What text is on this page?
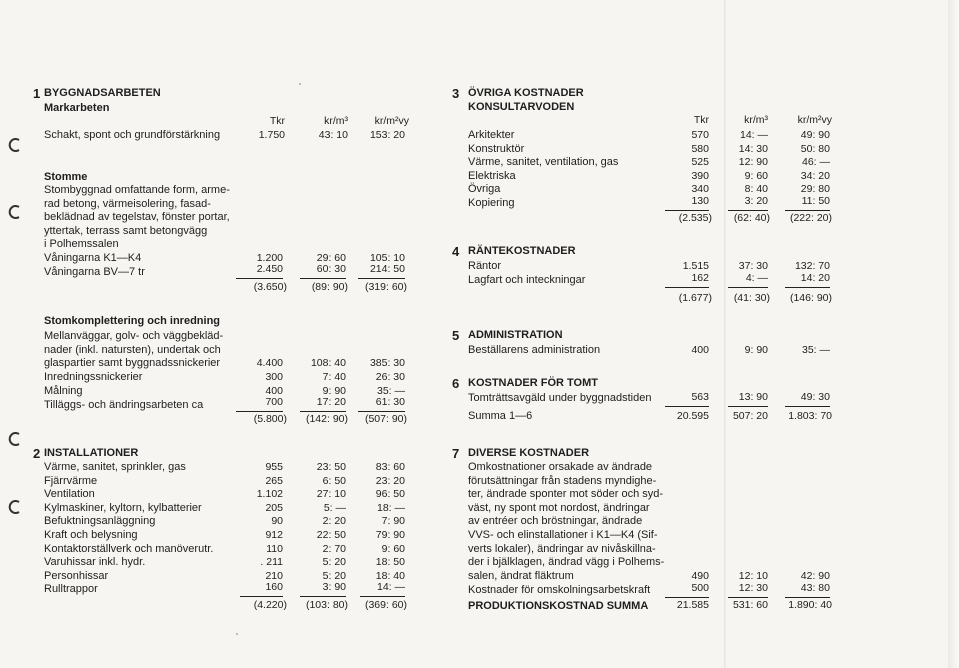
1 BYGGNADSARBETEN
Markarbeten
Tkr	kr/m³	kr/m²vy
Schakt, spont och grundförstärkning	1.750	43: 10	153: 20
Stomme
Stombyggnad omfattande form, arme-
rad betong, värmeisolering, fasad-
beklädnad av tegelstav, fönster portar,
yttertak, terrass samt betongvägg
i Polhemssalen
Våningarna K1—K4	1.200	29: 60	105: 10
Våningarna BV—7 tr	2.450	60: 30	214: 50
(3.650)	(89: 90)	(319: 60)
Stomkomplettering och inredning
Mellanväggar, golv- och väggbekläd-
nader (inkl. natursten), undertak och
glaspartier samt byggnadssnickerier	4.400	108: 40	385: 30
Inredningssnickerier	300	7: 40	26: 30
Målning	400	9: 90	35: —
Tilläggs- och ändringsarbeten ca	700	17: 20	61: 30
(5.800)	(142: 90)	(507: 90)
2 INSTALLATIONER
Värme, sanitet, sprinkler, gas	955	23: 50	83: 60
Fjärrvärme	265	6: 50	23: 20
Ventilation	1.102	27: 10	96: 50
Kylmaskiner, kyltorn, kylbatterier	205	5: —	18: —
Befuktningsanläggning	90	2: 20	7: 90
Kraft och belysning	912	22: 50	79: 90
Kontaktorställverk och manöverutr.	110	2: 70	9: 60
Varuhissar inkl. hydr.	. 211	5: 20	18: 50
Personhissar	210	5: 20	18: 40
Rulltrappor	160	3: 90	14: —
(4.220)	(103: 80)	(369: 60)
3 ÖVRIGA KOSTNADER
KONSULTARVODEN
Tkr	kr/m³	kr/m²vy
Arkitekter	570	14: —	49: 90
Konstruktör	580	14: 30	50: 80
Värme, sanitet, ventilation, gas	525	12: 90	46: —
Elektriska	390	9: 60	34: 20
Övriga	340	8: 40	29: 80
Kopiering	130	3: 20	11: 50
(2.535)	(62: 40)	(222: 20)
4 RÄNTEKOSTNADER
Räntor	1.515	37: 30	132: 70
Lagfart och inteckningar	162	4: —	14: 20
(1.677)	(41: 30)	(146: 90)
5 ADMINISTRATION
Beställarens administration	400	9: 90	35: —
6 KOSTNADER FÖR TOMT
Tomträttsavgäld under byggnadstiden	563	13: 90	49: 30
Summa 1—6	20.595	507: 20	1.803: 70
7 DIVERSE KOSTNADER
Omkostnationer orsakade av ändrade
förutsättningar från stadens myndighe-
ter, ändrade sponter mot söder och syd-
väst, ny spont mot nordost, ändringar
av entréer och bröstningar, ändrade
VVS- och elinstallationer i K1—K4 (Sif-
verts lokaler), ändringar av nivåskillna-
der i bjälklagen, ändrad vägg i Polhems-
salen, ändrat fläktrum	490	12: 10	42: 90
Kostnader för omskolningsarbetskraft	500	12: 30	43: 80
PRODUKTIONSKOSTNAD SUMMA	21.585	531: 60	1.890: 40
